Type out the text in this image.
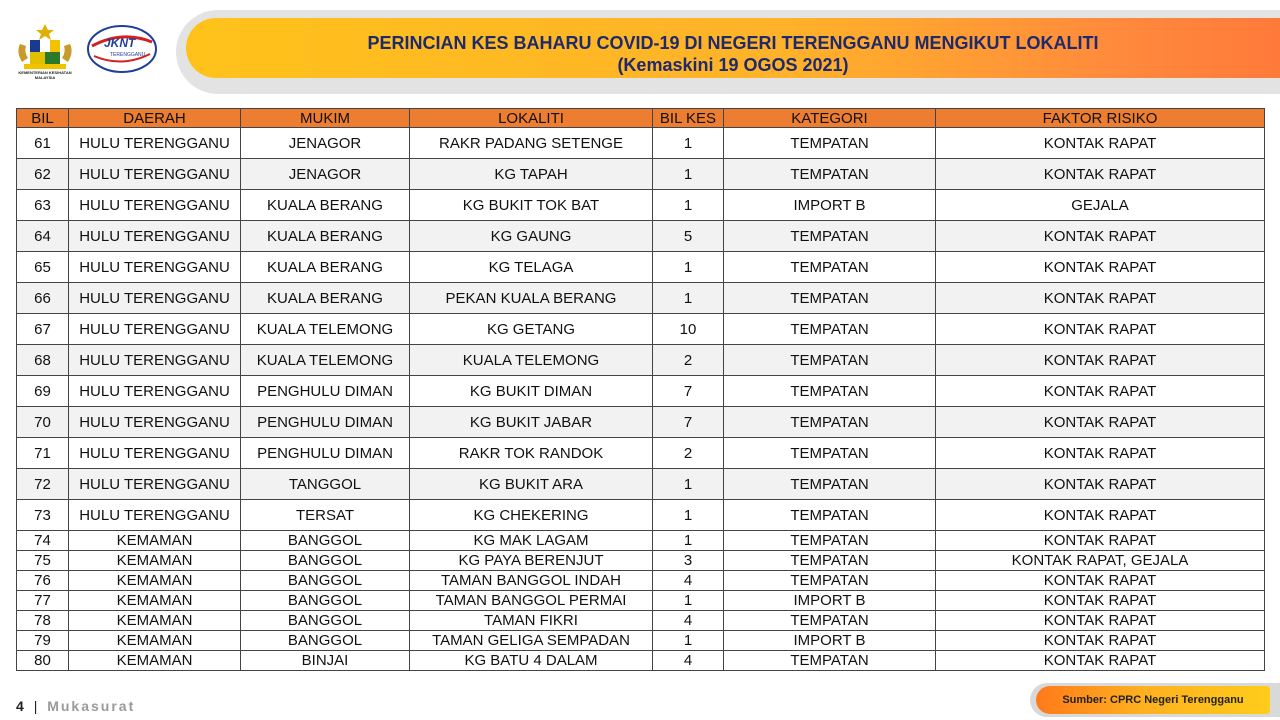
KEMENTERIAN KESIHATAN MALAYSIA
JKNT
TERENGGANU
PERINCIAN KES BAHARU COVID-19 DI NEGERI TERENGGANU MENGIKUT LOKALITI
(Kemaskini 19 OGOS 2021)
BIL	DAERAH	MUKIM	LOKALITI	BIL KES	KATEGORI	FAKTOR RISIKO
61	HULU TERENGGANU	JENAGOR	RAKR PADANG SETENGE	1	TEMPATAN	KONTAK RAPAT
62	HULU TERENGGANU	JENAGOR	KG TAPAH	1	TEMPATAN	KONTAK RAPAT
63	HULU TERENGGANU	KUALA BERANG	KG BUKIT TOK BAT	1	IMPORT B	GEJALA
64	HULU TERENGGANU	KUALA BERANG	KG GAUNG	5	TEMPATAN	KONTAK RAPAT
65	HULU TERENGGANU	KUALA BERANG	KG TELAGA	1	TEMPATAN	KONTAK RAPAT
66	HULU TERENGGANU	KUALA BERANG	PEKAN KUALA BERANG	1	TEMPATAN	KONTAK RAPAT
67	HULU TERENGGANU	KUALA TELEMONG	KG GETANG	10	TEMPATAN	KONTAK RAPAT
68	HULU TERENGGANU	KUALA TELEMONG	KUALA TELEMONG	2	TEMPATAN	KONTAK RAPAT
69	HULU TERENGGANU	PENGHULU DIMAN	KG BUKIT DIMAN	7	TEMPATAN	KONTAK RAPAT
70	HULU TERENGGANU	PENGHULU DIMAN	KG BUKIT JABAR	7	TEMPATAN	KONTAK RAPAT
71	HULU TERENGGANU	PENGHULU DIMAN	RAKR TOK RANDOK	2	TEMPATAN	KONTAK RAPAT
72	HULU TERENGGANU	TANGGOL	KG BUKIT ARA	1	TEMPATAN	KONTAK RAPAT
73	HULU TERENGGANU	TERSAT	KG CHEKERING	1	TEMPATAN	KONTAK RAPAT
74	KEMAMAN	BANGGOL	KG MAK LAGAM	1	TEMPATAN	KONTAK RAPAT
75	KEMAMAN	BANGGOL	KG PAYA BERENJUT	3	TEMPATAN	KONTAK RAPAT, GEJALA
76	KEMAMAN	BANGGOL	TAMAN BANGGOL INDAH	4	TEMPATAN	KONTAK RAPAT
77	KEMAMAN	BANGGOL	TAMAN BANGGOL PERMAI	1	IMPORT B	KONTAK RAPAT
78	KEMAMAN	BANGGOL	TAMAN FIKRI	4	TEMPATAN	KONTAK RAPAT
79	KEMAMAN	BANGGOL	TAMAN GELIGA SEMPADAN	1	IMPORT B	KONTAK RAPAT
80	KEMAMAN	BINJAI	KG BATU 4 DALAM	4	TEMPATAN	KONTAK RAPAT
4 | Mukasurat	Sumber: CPRC Negeri Terengganu
